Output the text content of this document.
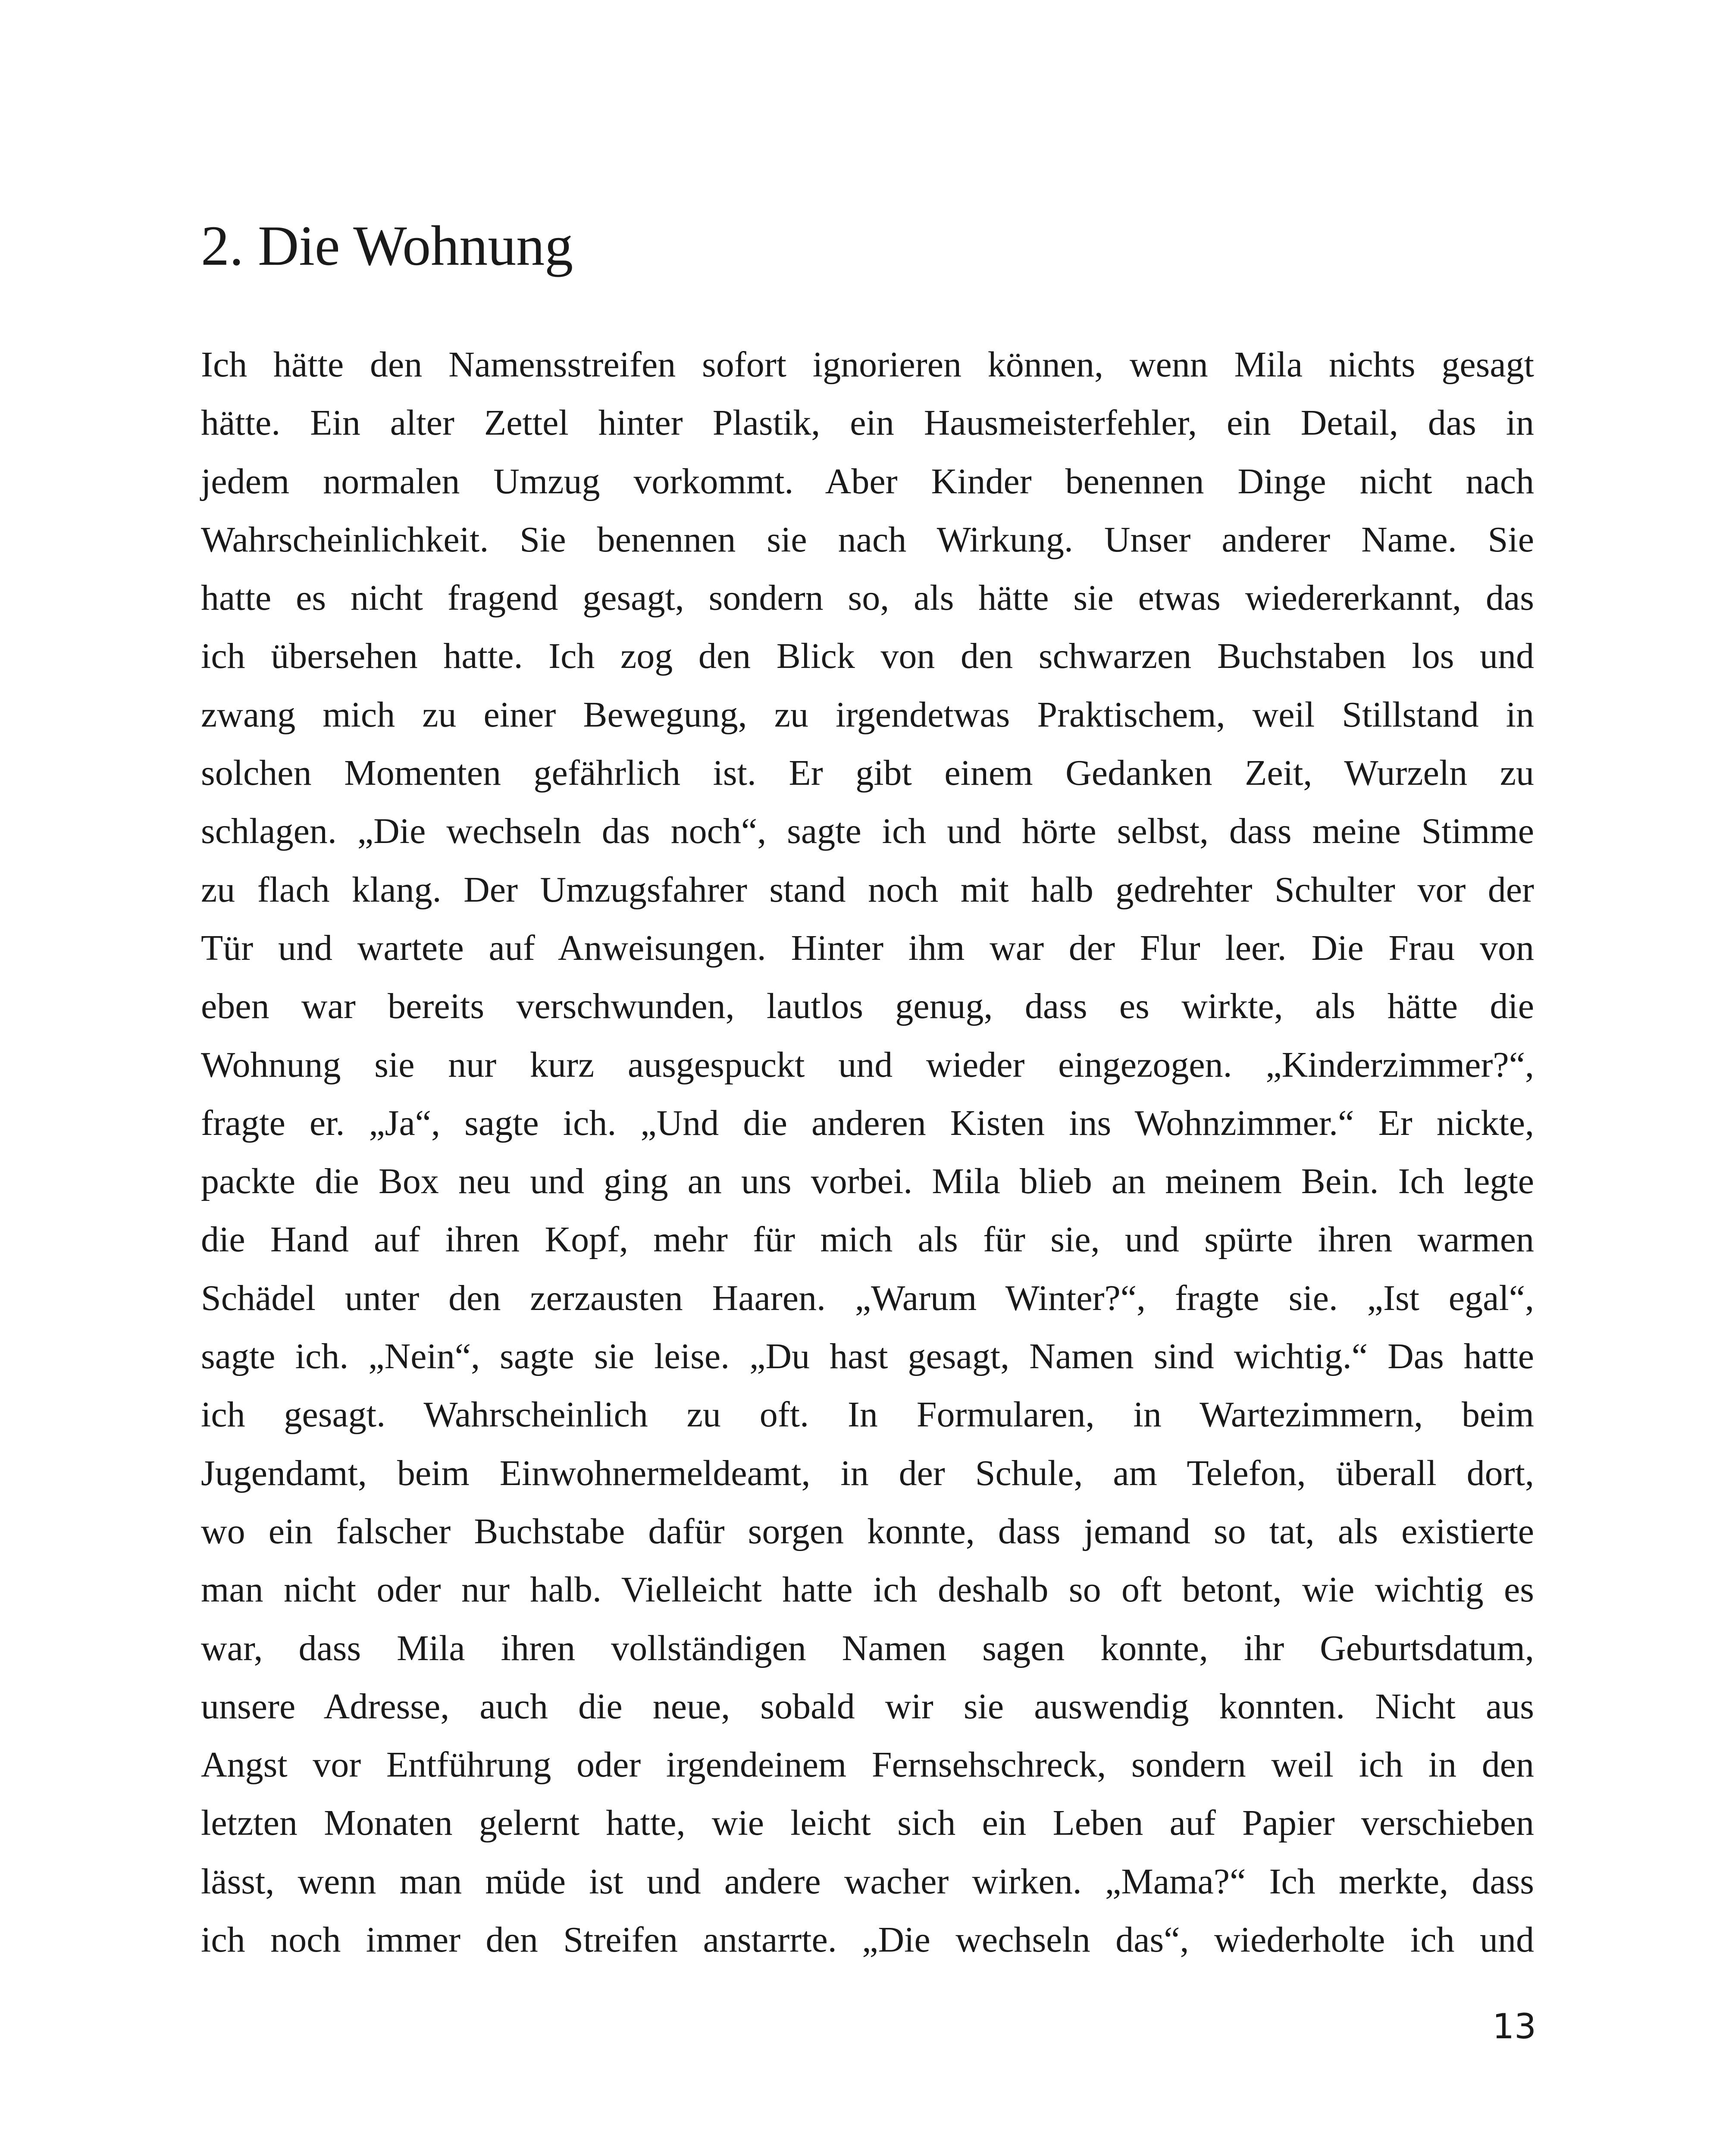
2. Die Wohnung
Ich hätte den Namensstreifen sofort ignorieren können, wenn Mila nichts gesagt
hätte. Ein alter Zettel hinter Plastik, ein Hausmeisterfehler, ein Detail, das in
jedem normalen Umzug vorkommt. Aber Kinder benennen Dinge nicht nach
Wahrscheinlichkeit. Sie benennen sie nach Wirkung. Unser anderer Name. Sie
hatte es nicht fragend gesagt, sondern so, als hätte sie etwas wiedererkannt, das
ich übersehen hatte. Ich zog den Blick von den schwarzen Buchstaben los und
zwang mich zu einer Bewegung, zu irgendetwas Praktischem, weil Stillstand in
solchen Momenten gefährlich ist. Er gibt einem Gedanken Zeit, Wurzeln zu
schlagen. „Die wechseln das noch“, sagte ich und hörte selbst, dass meine Stimme
zu flach klang. Der Umzugsfahrer stand noch mit halb gedrehter Schulter vor der
Tür und wartete auf Anweisungen. Hinter ihm war der Flur leer. Die Frau von
eben war bereits verschwunden, lautlos genug, dass es wirkte, als hätte die
Wohnung sie nur kurz ausgespuckt und wieder eingezogen. „Kinderzimmer?“,
fragte er. „Ja“, sagte ich. „Und die anderen Kisten ins Wohnzimmer.“ Er nickte,
packte die Box neu und ging an uns vorbei. Mila blieb an meinem Bein. Ich legte
die Hand auf ihren Kopf, mehr für mich als für sie, und spürte ihren warmen
Schädel unter den zerzausten Haaren. „Warum Winter?“, fragte sie. „Ist egal“,
sagte ich. „Nein“, sagte sie leise. „Du hast gesagt, Namen sind wichtig.“ Das hatte
ich gesagt. Wahrscheinlich zu oft. In Formularen, in Wartezimmern, beim
Jugendamt, beim Einwohnermeldeamt, in der Schule, am Telefon, überall dort,
wo ein falscher Buchstabe dafür sorgen konnte, dass jemand so tat, als existierte
man nicht oder nur halb. Vielleicht hatte ich deshalb so oft betont, wie wichtig es
war, dass Mila ihren vollständigen Namen sagen konnte, ihr Geburtsdatum,
unsere Adresse, auch die neue, sobald wir sie auswendig konnten. Nicht aus
Angst vor Entführung oder irgendeinem Fernsehschreck, sondern weil ich in den
letzten Monaten gelernt hatte, wie leicht sich ein Leben auf Papier verschieben
lässt, wenn man müde ist und andere wacher wirken. „Mama?“ Ich merkte, dass
ich noch immer den Streifen anstarrte. „Die wechseln das“, wiederholte ich und
13
